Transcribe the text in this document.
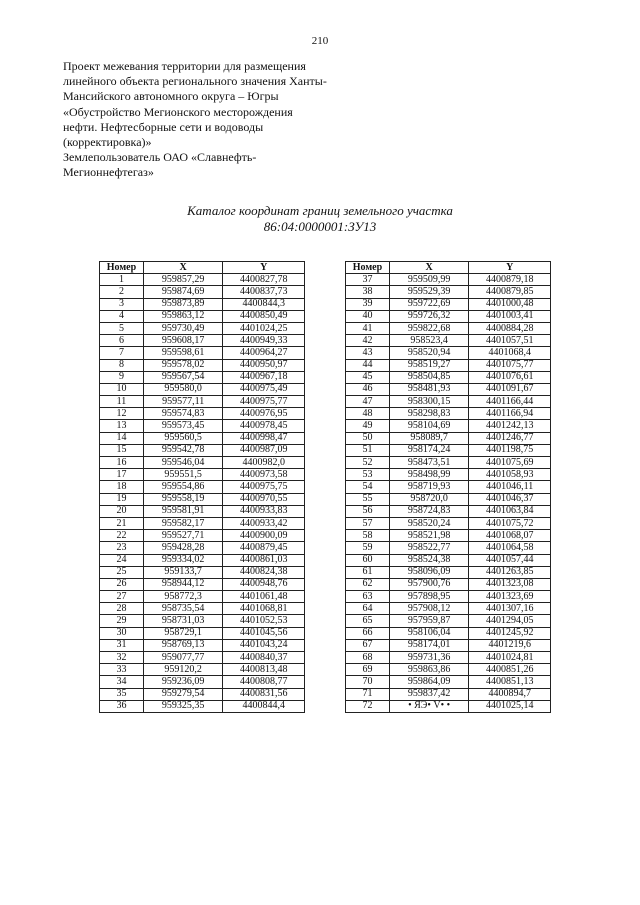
210
Проект межевания территории для размещения
линейного объекта регионального значения Ханты-
Мансийского автономного округа – Югры
«Обустройство Мегионского месторождения
нефти. Нефтесборные сети и водоводы
(корректировка)»
Землепользователь ОАО «Славнефть-
Мегионнефтегаз»
Каталог координат границ земельного участка
86:04:0000001:ЗУ13
Номер	X	Y
1	959857,29	4400827,78
2	959874,69	4400837,73
3	959873,89	4400844,3
4	959863,12	4400850,49
5	959730,49	4401024,25
6	959608,17	4400949,33
7	959598,61	4400964,27
8	959578,02	4400950,97
9	959567,54	4400967,18
10	959580,0	4400975,49
11	959577,11	4400975,77
12	959574,83	4400976,95
13	959573,45	4400978,45
14	959560,5	4400998,47
15	959542,78	4400987,09
16	959546,04	4400982,0
17	959551,5	4400973,58
18	959554,86	4400975,75
19	959558,19	4400970,55
20	959581,91	4400933,83
21	959582,17	4400933,42
22	959527,71	4400900,09
23	959428,28	4400879,45
24	959334,02	4400861,03
25	959133,7	4400824,38
26	958944,12	4400948,76
27	958772,3	4401061,48
28	958735,54	4401068,81
29	958731,03	4401052,53
30	958729,1	4401045,56
31	958769,13	4401043,24
32	959077,77	4400840,37
33	959120,2	4400813,48
34	959236,09	4400808,77
35	959279,54	4400831,56
36	959325,35	4400844,4
Номер	X	Y
37	959509,99	4400879,18
38	959529,39	4400879,85
39	959722,69	4401000,48
40	959726,32	4401003,41
41	959822,68	4400884,28
42	958523,4	4401057,51
43	958520,94	4401068,4
44	958519,27	4401075,77
45	958504,85	4401076,61
46	958481,93	4401091,67
47	958300,15	4401166,44
48	958298,83	4401166,94
49	958104,69	4401242,13
50	958089,7	4401246,77
51	958174,24	4401198,75
52	958473,51	4401075,69
53	958498,99	4401058,93
54	958719,93	4401046,11
55	958720,0	4401046,37
56	958724,83	4401063,84
57	958520,24	4401075,72
58	958521,98	4401068,07
59	958522,77	4401064,58
60	958524,38	4401057,44
61	958096,09	4401263,85
62	957900,76	4401323,08
63	957898,95	4401323,69
64	957908,12	4401307,16
65	957959,87	4401294,05
66	958106,04	4401245,92
67	958174,01	4401219,6
68	959731,36	4401024,81
69	959863,86	4400851,26
70	959864,09	4400851,13
71	959837,42	4400894,7
72	• ЯЭ• V• •	4401025,14
